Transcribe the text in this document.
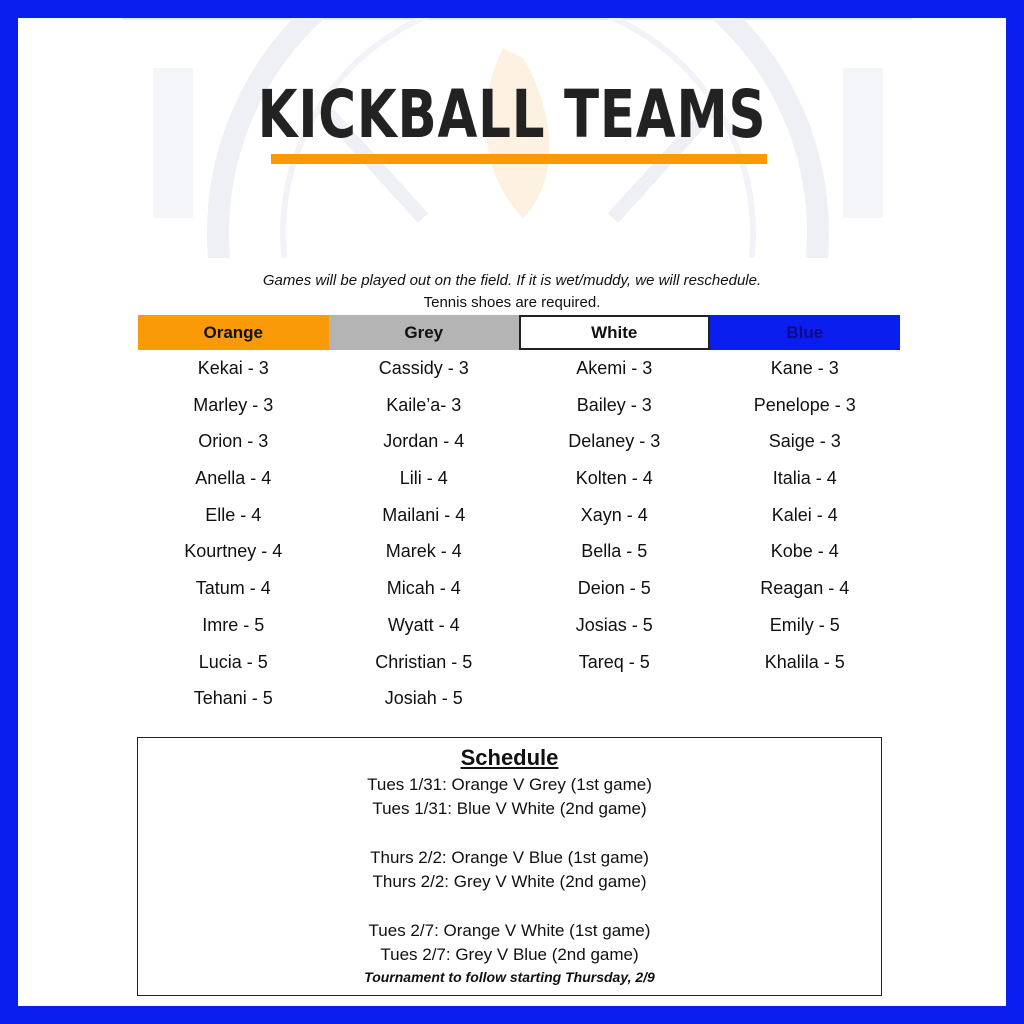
KICKBALL TEAMS
Games will be played out on the field. If it is wet/muddy, we will reschedule.
Tennis shoes are required.
Orange
Kekai - 3
Marley - 3
Orion - 3
Anella - 4
Elle - 4
Kourtney - 4
Tatum - 4
Imre - 5
Lucia - 5
Tehani - 5
Grey
Cassidy - 3
Kaile’a- 3
Jordan - 4
Lili - 4
Mailani - 4
Marek - 4
Micah - 4
Wyatt - 4
Christian - 5
Josiah - 5
White
Akemi - 3
Bailey - 3
Delaney - 3
Kolten - 4
Xayn - 4
Bella - 5
Deion - 5
Josias - 5
Tareq - 5
Blue
Kane - 3
Penelope - 3
Saige - 3
Italia - 4
Kalei - 4
Kobe - 4
Reagan - 4
Emily - 5
Khalila - 5
Schedule
Tues 1/31: Orange V Grey (1st game)
Tues 1/31: Blue V White (2nd game)
Thurs 2/2: Orange V Blue (1st game)
Thurs 2/2: Grey V White (2nd game)
Tues 2/7: Orange V White (1st game)
Tues 2/7: Grey V Blue (2nd game)
Tournament to follow starting Thursday, 2/9
